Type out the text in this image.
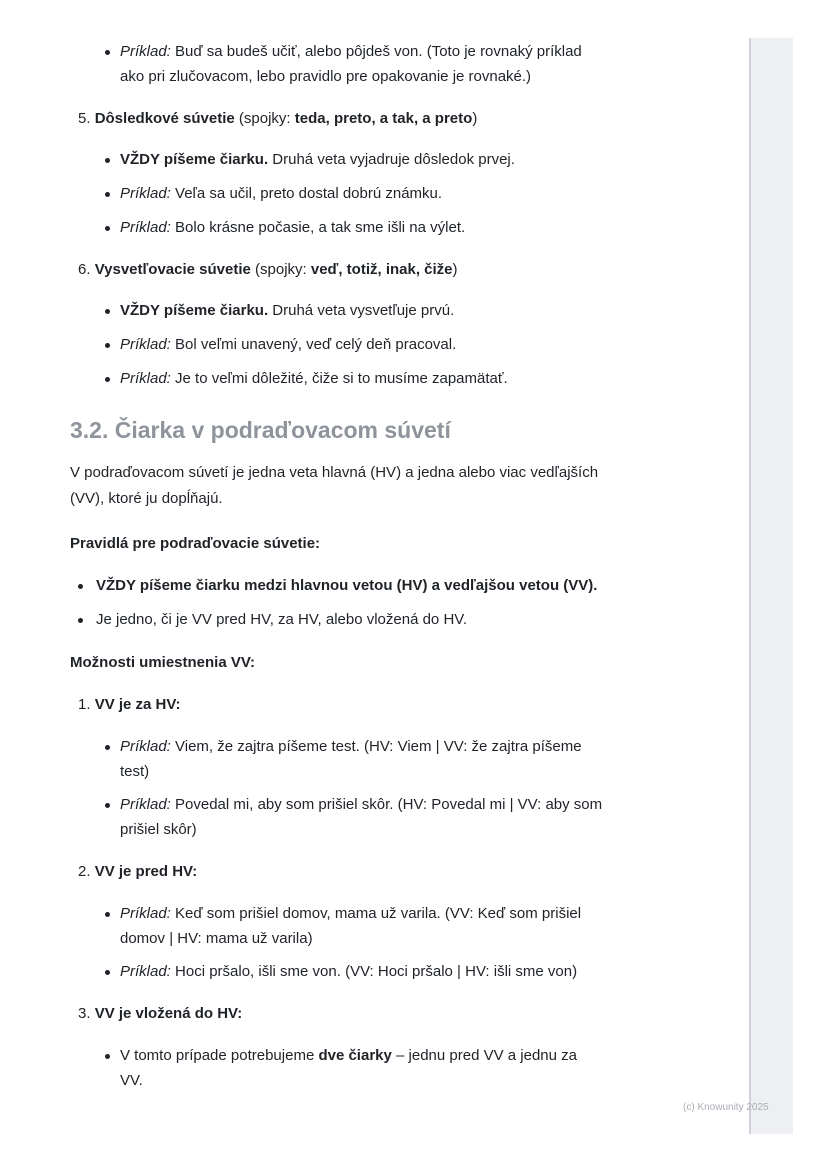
Príklad: Buď sa budeš učiť, alebo pôjdeš von. (Toto je rovnaký príklad
ako pri zlučovacom, lebo pravidlo pre opakovanie je rovnaké.)
5. Dôsledkové súvetie (spojky: teda, preto, a tak, a preto)
VŽDY píšeme čiarku. Druhá veta vyjadruje dôsledok prvej.
Príklad: Veľa sa učil, preto dostal dobrú známku.
Príklad: Bolo krásne počasie, a tak sme išli na výlet.
6. Vysvetľovacie súvetie (spojky: veď, totiž, inak, čiže)
VŽDY píšeme čiarku. Druhá veta vysvetľuje prvú.
Príklad: Bol veľmi unavený, veď celý deň pracoval.
Príklad: Je to veľmi dôležité, čiže si to musíme zapamätať.
3.2. Čiarka v podraďovacom súvetí
V podraďovacom súvetí je jedna veta hlavná (HV) a jedna alebo viac vedľajších
(VV), ktoré ju dopĺňajú.
Pravidlá pre podraďovacie súvetie:
VŽDY píšeme čiarku medzi hlavnou vetou (HV) a vedľajšou vetou (VV).
Je jedno, či je VV pred HV, za HV, alebo vložená do HV.
Možnosti umiestnenia VV:
1. VV je za HV:
Príklad: Viem, že zajtra píšeme test. (HV: Viem | VV: že zajtra píšeme
test)
Príklad: Povedal mi, aby som prišiel skôr. (HV: Povedal mi | VV: aby som
prišiel skôr)
2. VV je pred HV:
Príklad: Keď som prišiel domov, mama už varila. (VV: Keď som prišiel
domov | HV: mama už varila)
Príklad: Hoci pršalo, išli sme von. (VV: Hoci pršalo | HV: išli sme von)
3. VV je vložená do HV:
V tomto prípade potrebujeme dve čiarky – jednu pred VV a jednu za
VV.
(c) Knowunity 2025
